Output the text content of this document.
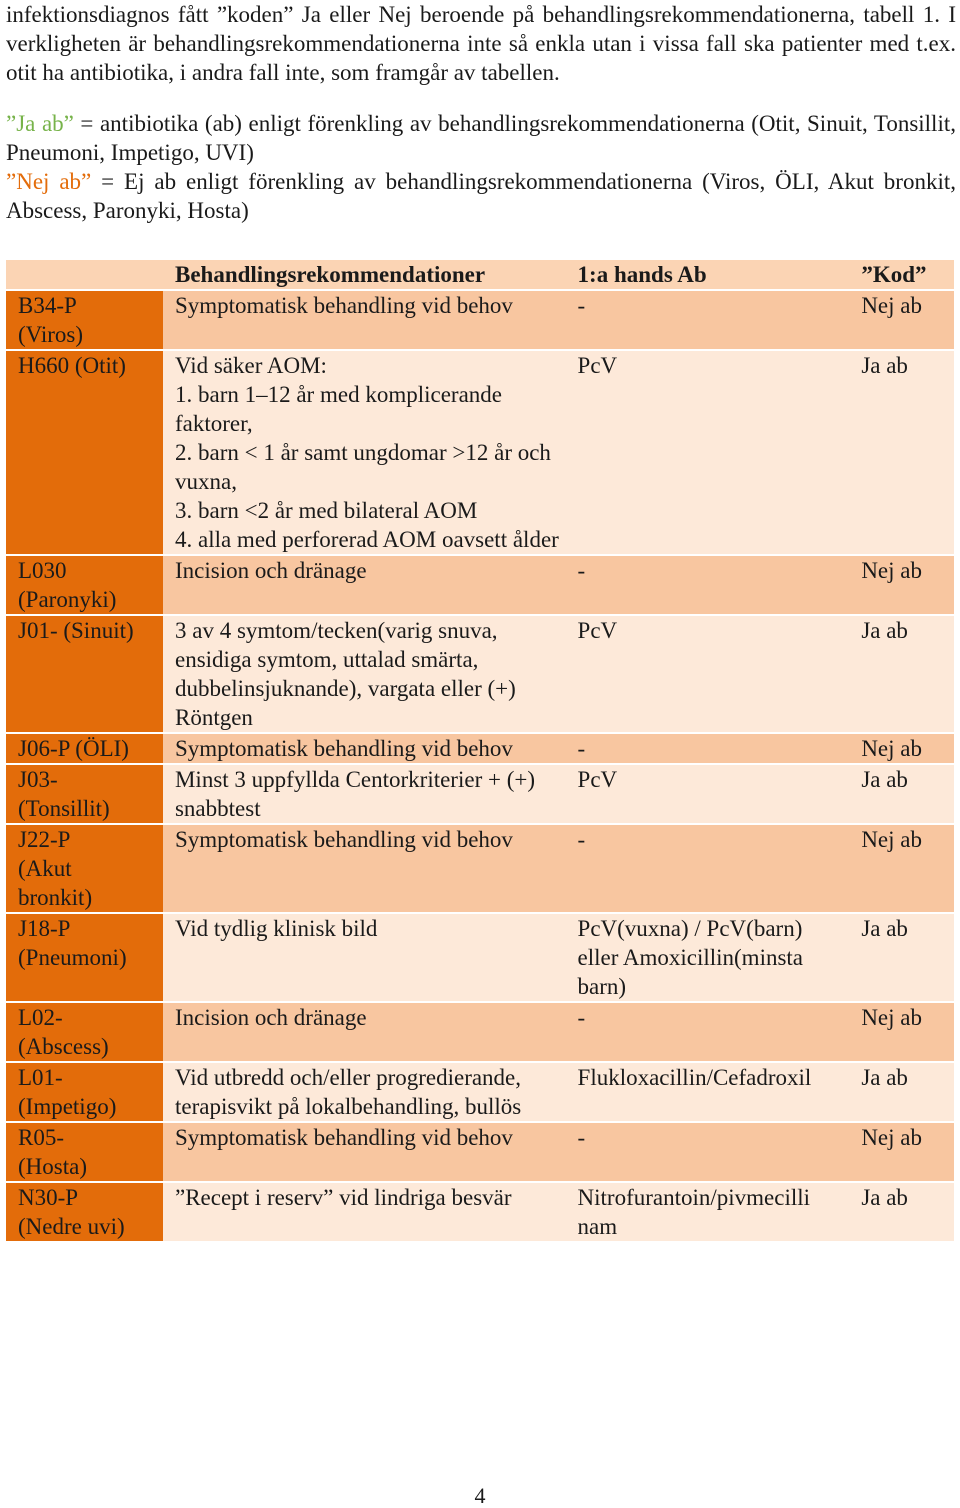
infektionsdiagnos fått ”koden” Ja eller Nej beroende på behandlingsrekommendationerna, tabell 1. I verkligheten är behandlingsrekommendationerna inte så enkla utan i vissa fall ska patienter med t.ex. otit ha antibiotika, i andra fall inte, som framgår av tabellen.

”Ja ab” = antibiotika (ab) enligt förenkling av behandlingsrekommendationerna (Otit, Sinuit, Tonsillit, Pneumoni, Impetigo, UVI)

”Nej ab” = Ej ab enligt förenkling av behandlingsrekommendationerna (Viros, ÖLI, Akut bronkit, Abscess, Paronyki, Hosta)

Diagnos	Behandlingsrekommendationer	1:a hands Ab	”Kod”
B34-P
(Viros)	Symptomatisk behandling vid behov	-	Nej ab
H660 (Otit)	Vid säker AOM:
1. barn 1–12 år med komplicerande faktorer,
2. barn < 1 år samt ungdomar >12 år och vuxna,
3. barn <2 år med bilateral AOM
4. alla med perforerad AOM oavsett ålder	PcV	Ja ab
L030
(Paronyki)	Incision och dränage	-	Nej ab
J01- (Sinuit)	3 av 4 symtom/tecken(varig snuva, ensidiga symtom, uttalad smärta, dubbelinsjuknande), vargata eller (+) Röntgen	PcV	Ja ab
J06-P (ÖLI)	Symptomatisk behandling vid behov	-	Nej ab
J03-
(Tonsillit)	Minst 3 uppfyllda Centorkriterier + (+) snabbtest	PcV	Ja ab
J22-P
(Akut
bronkit)	Symptomatisk behandling vid behov	-	Nej ab
J18-P
(Pneumoni)	Vid tydlig klinisk bild	PcV(vuxna) / PcV(barn) eller Amoxicillin(minsta barn)	Ja ab
L02-
(Abscess)	Incision och dränage	-	Nej ab
L01-
(Impetigo)	Vid utbredd och/eller progredierande, terapisvikt på lokalbehandling, bullös	Flukloxacillin/Cefadroxil	Ja ab
R05-
(Hosta)	Symptomatisk behandling vid behov	-	Nej ab
N30-P
(Nedre uvi)	”Recept i reserv” vid lindriga besvär	Nitrofurantoin/pivmecilli nam	Ja ab
4
